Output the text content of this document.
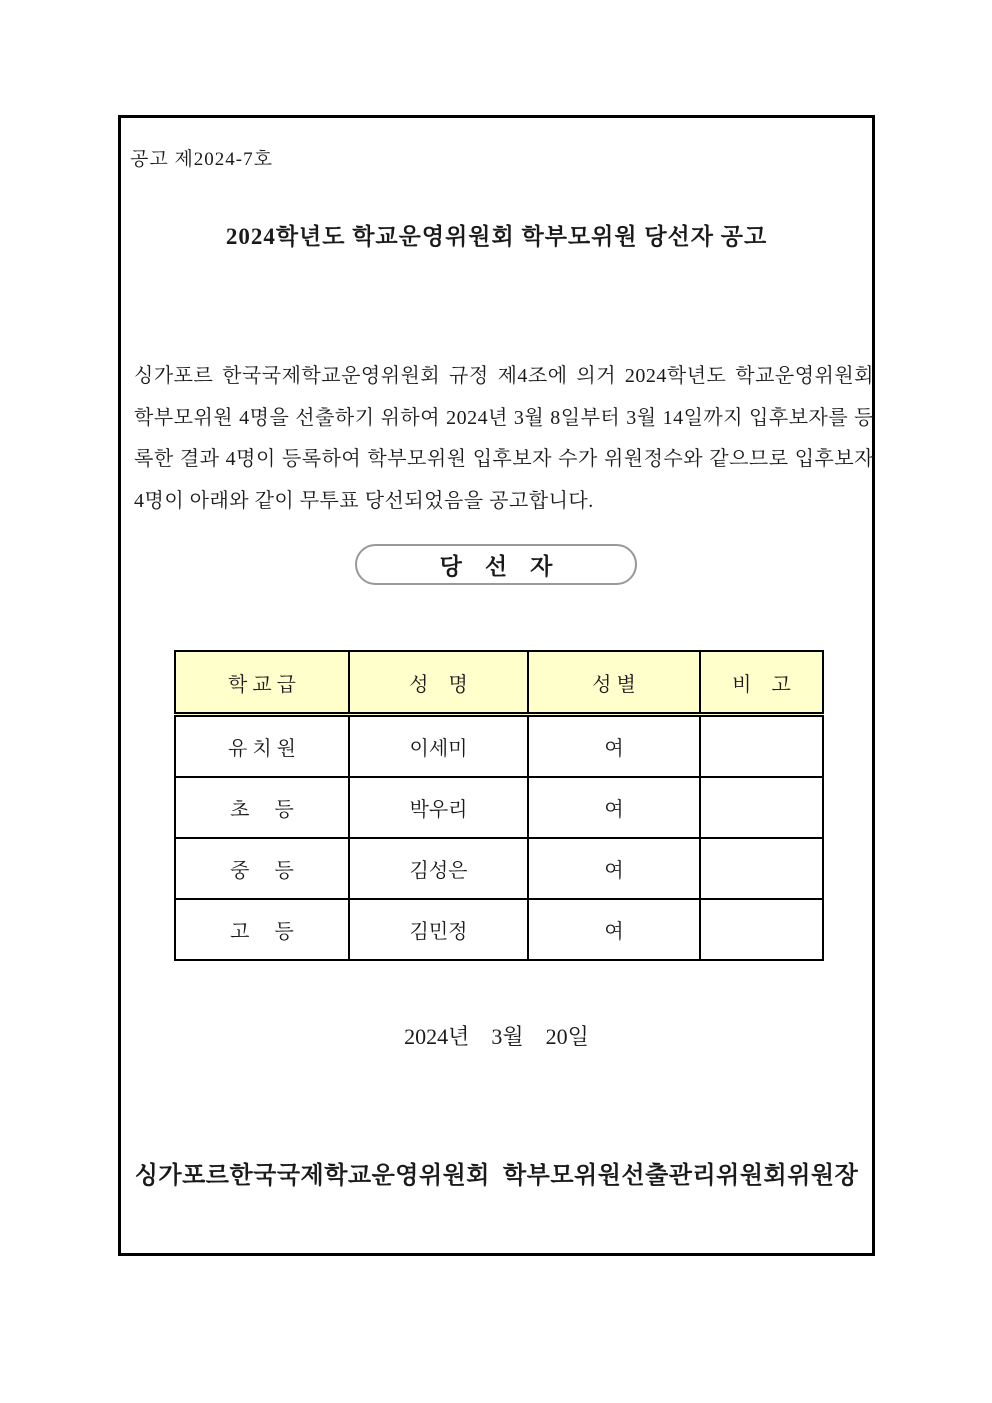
공고 제2024-7호
2024학년도 학교운영위원회 학부모위원 당선자 공고
싱가포르 한국국제학교운영위원회 규정 제4조에 의거 2024학년도 학교운영위원회 학부모위원 4명을 선출하기 위하여 2024년 3월 8일부터 3월 14일까지 입후보자를 등록한 결과 4명이 등록하여 학부모위원 입후보자 수가 위원정수와 같으므로 입후보자 4명이 아래와 같이 무투표 당선되었음을 공고합니다.
당    선    자
학 교 급	성    명	성 별	비    고
유 치 원	이세미	여	
초     등	박우리	여	
중     등	김성은	여	
고     등	김민정	여	
2024년    3월    20일
싱가포르한국국제학교운영위원회  학부모위원선출관리위원회위원장
